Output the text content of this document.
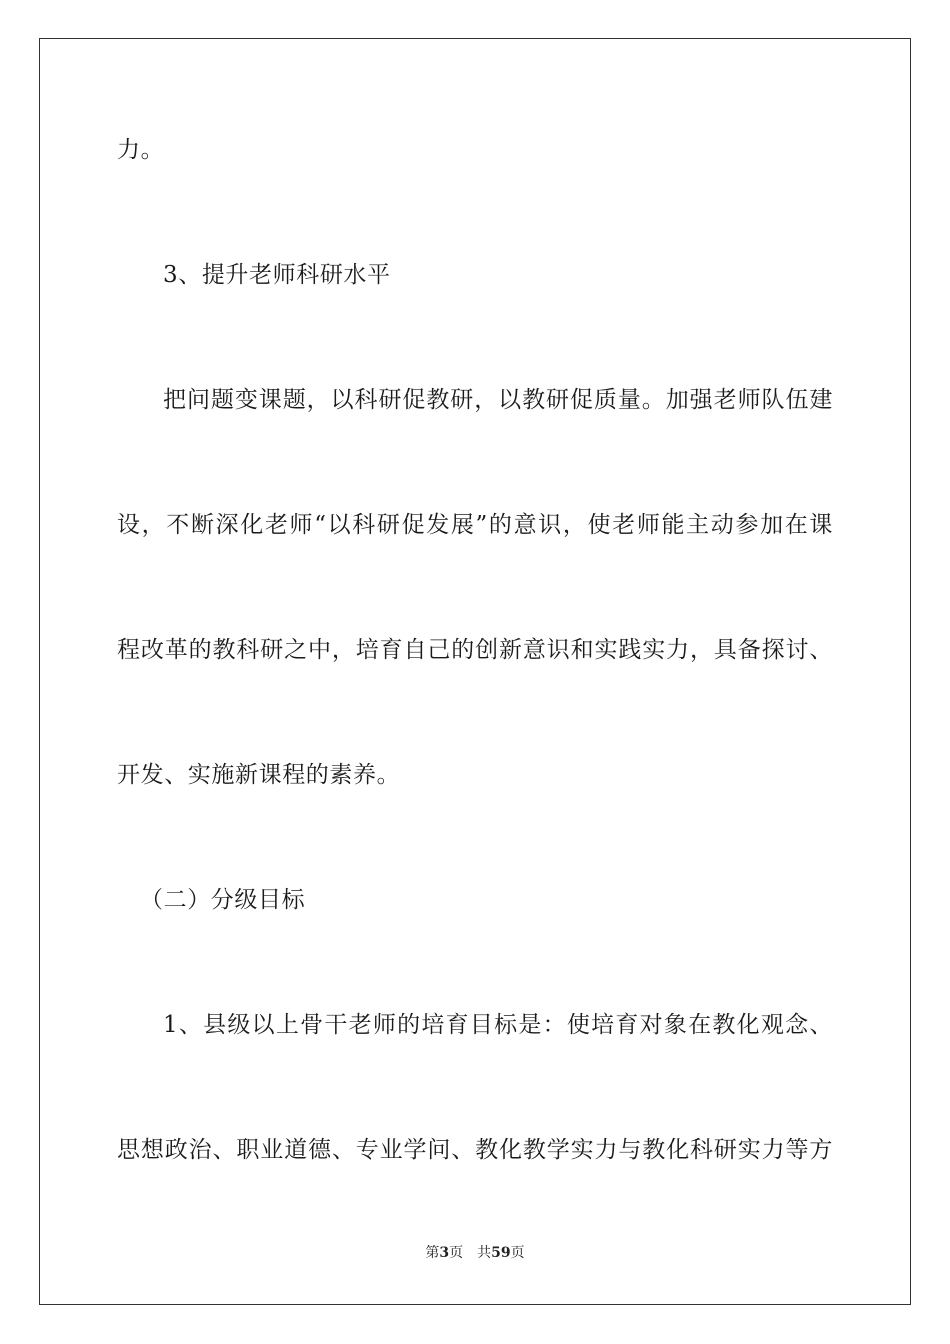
力。
3、提升老师科研水平
把问题变课题，以科研促教研，以教研促质量。加强老师队伍建
设，不断深化老师“以科研促发展”的意识，使老师能主动参加在课
程改革的教科研之中，培育自己的创新意识和实践实力，具备探讨、
开发、实施新课程的素养。
（二）分级目标
1、县级以上骨干老师的培育目标是：使培育对象在教化观念、
思想政治、职业道德、专业学问、教化教学实力与教化科研实力等方
第3页 共59页
